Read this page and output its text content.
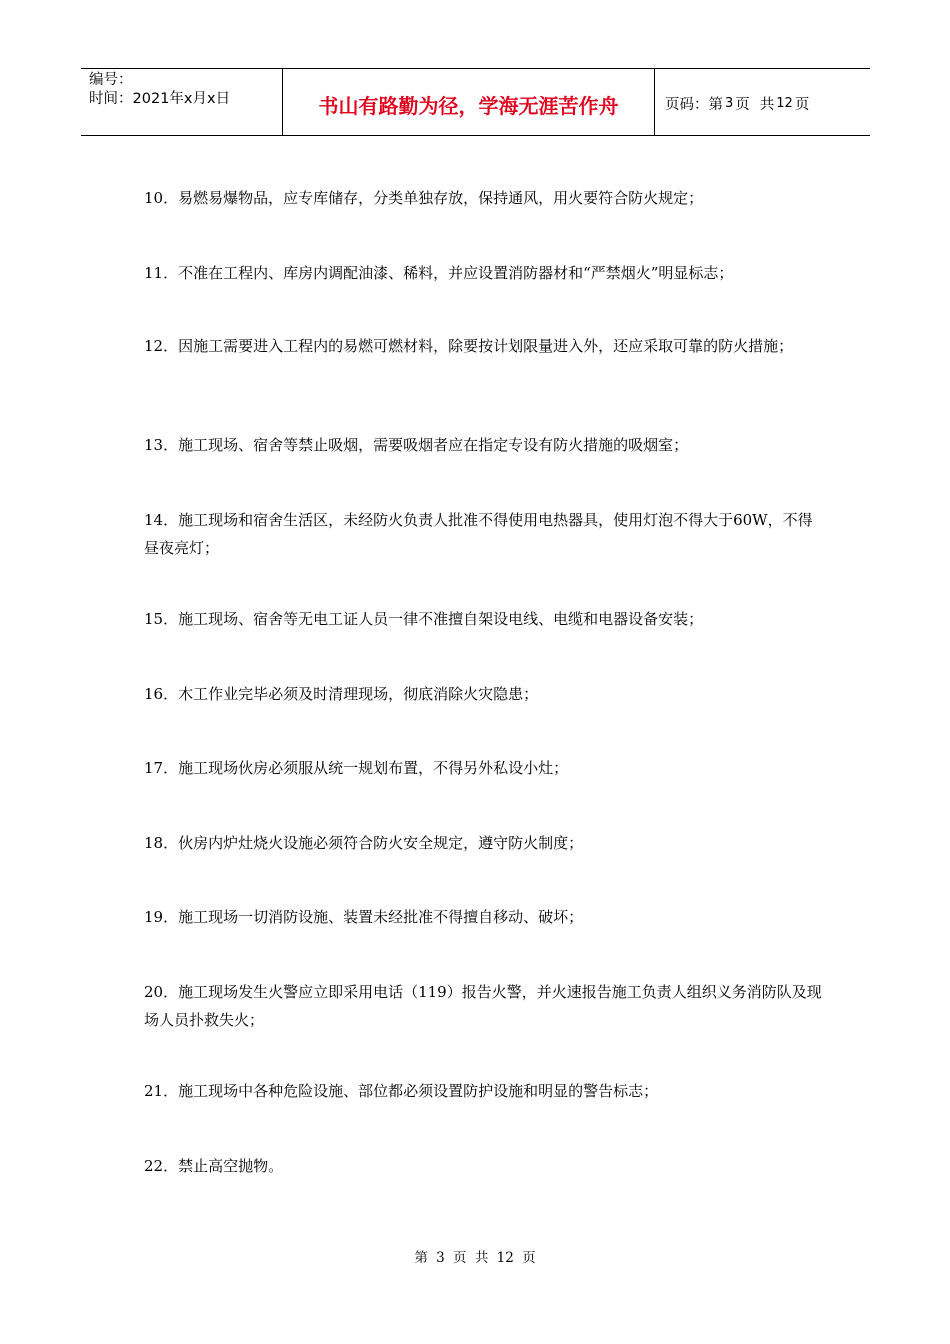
编号：
时间：2021年x月x日	书山有路勤为径，学海无涯苦作舟	页码：第 3 页 共 12 页

10．易燃易爆物品，应专库储存，分类单独存放，保持通风，用火要符合防火规定；

11．不准在工程内、库房内调配油漆、稀料，并应设置消防器材和“严禁烟火”明显标志；

12．因施工需要进入工程内的易燃可燃材料，除要按计划限量进入外，还应采取可靠的防火措施；

13．施工现场、宿舍等禁止吸烟，需要吸烟者应在指定专设有防火措施的吸烟室；

14．施工现场和宿舍生活区，未经防火负责人批准不得使用电热器具，使用灯泡不得大于60W，不得昼夜亮灯；

15．施工现场、宿舍等无电工证人员一律不准擅自架设电线、电缆和电器设备安装；

16．木工作业完毕必须及时清理现场，彻底消除火灾隐患；

17．施工现场伙房必须服从统一规划布置，不得另外私设小灶；

18．伙房内炉灶烧火设施必须符合防火安全规定，遵守防火制度；

19．施工现场一切消防设施、装置未经批准不得擅自移动、破坏；

20．施工现场发生火警应立即采用电话（119）报告火警，并火速报告施工负责人组织义务消防队及现场人员扑救失火；

21．施工现场中各种危险设施、部位都必须设置防护设施和明显的警告标志；

22．禁止高空抛物。

第 3 页 共 12 页
